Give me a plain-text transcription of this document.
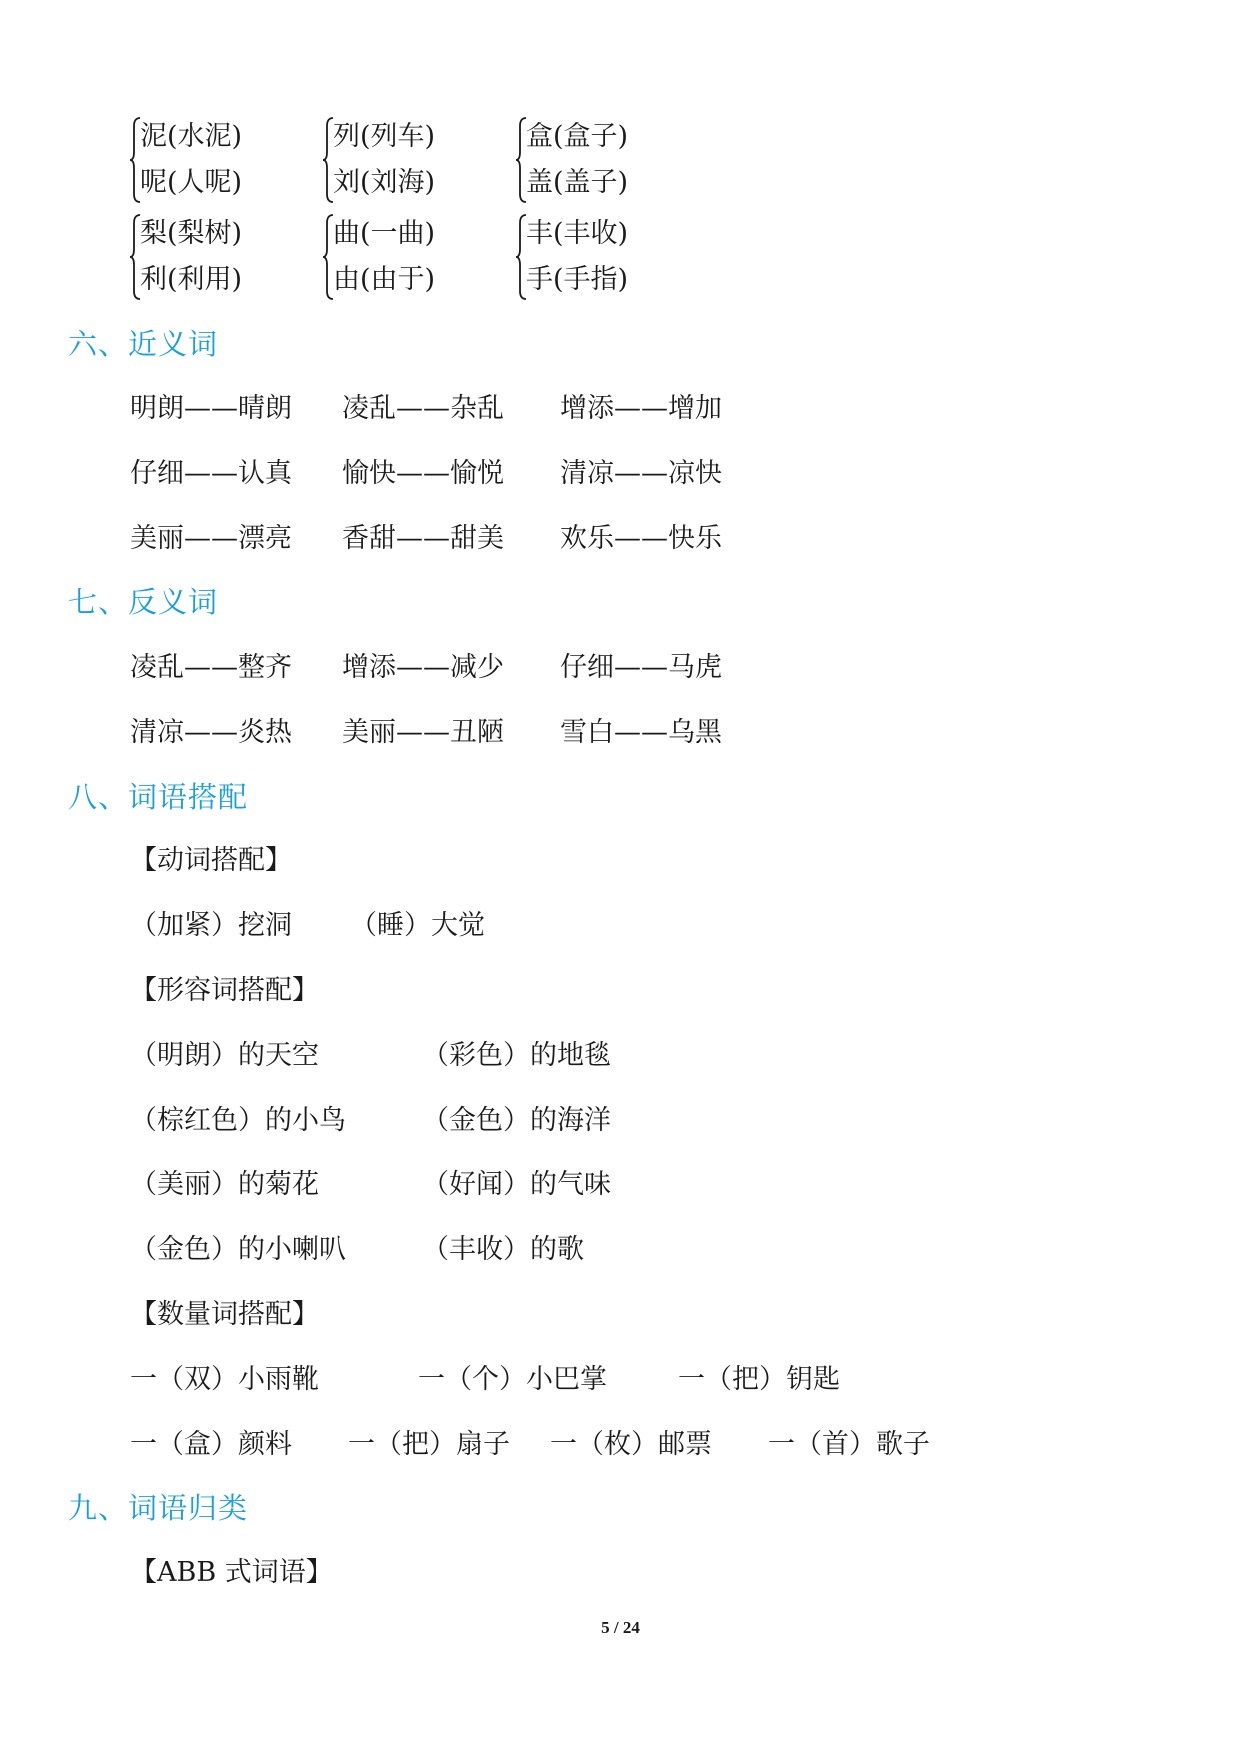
泥(水泥)
呢(人呢)
列(列车)
刘(刘海)
盒(盒子)
盖(盖子)
梨(梨树)
利(利用)
曲(一曲)
由(由于)
丰(丰收)
手(手指)
六、近义词
明朗——晴朗 凌乱——杂乱 增添——增加
仔细——认真 愉快——愉悦 清凉——凉快
美丽——漂亮 香甜——甜美 欢乐——快乐
七、反义词
凌乱——整齐 增添——减少 仔细——马虎
清凉——炎热 美丽——丑陋 雪白——乌黑
八、词语搭配
【动词搭配】
（加紧）挖洞 （睡）大觉
【形容词搭配】
（明朗）的天空	（彩色）的地毯
（棕红色）的小鸟	（金色）的海洋
（美丽）的菊花	（好闻）的气味
（金色）的小喇叭	（丰收）的歌
【数量词搭配】
一（双）小雨靴	一（个）小巴掌	一（把）钥匙
一（盒）颜料 一（把）扇子 一（枚）邮票 一（首）歌子
九、词语归类
【ABB 式词语】
5 / 24
